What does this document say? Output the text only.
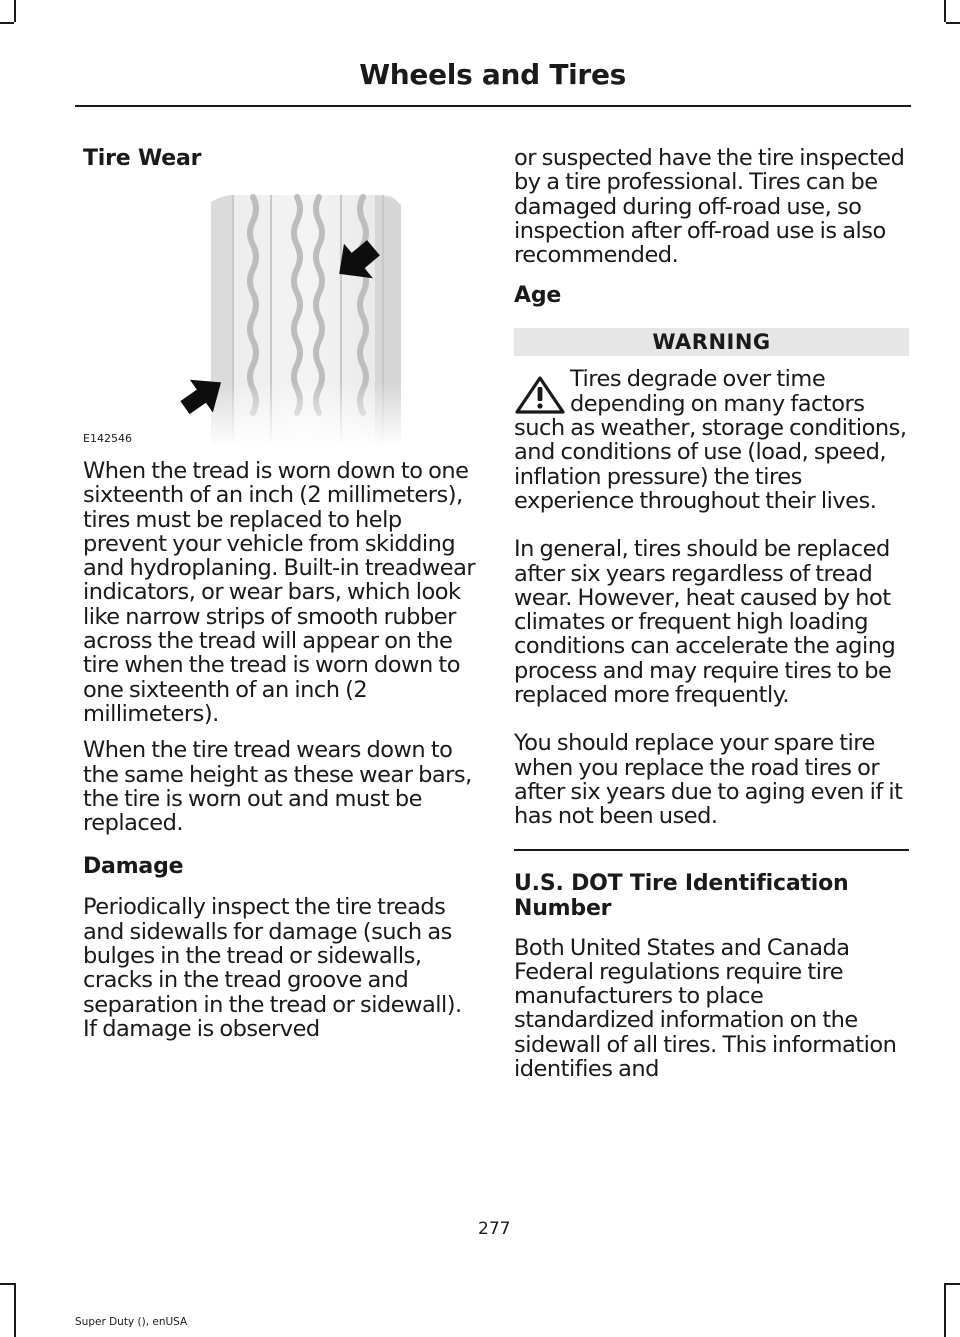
Wheels and Tires
Tire Wear
E142546

When the tread is worn down to one sixteenth of an inch (2 millimeters), tires must be replaced to help prevent your vehicle from skidding and hydroplaning. Built-in treadwear indicators, or wear bars, which look like narrow strips of smooth rubber across the tread will appear on the tire when the tread is worn down to one sixteenth of an inch (2 millimeters).

When the tire tread wears down to the same height as these wear bars, the tire is worn out and must be replaced.

Damage

Periodically inspect the tire treads and sidewalls for damage (such as bulges in the tread or sidewalls, cracks in the tread groove and separation in the tread or sidewall). If damage is observed

or suspected have the tire inspected by a tire professional. Tires can be damaged during off-road use, so inspection after off-road use is also recommended.

Age
WARNING

Tires degrade over time depending on many factors such as weather, storage conditions, and conditions of use (load, speed, inflation pressure) the tires experience throughout their lives.

In general, tires should be replaced after six years regardless of tread wear. However, heat caused by hot climates or frequent high loading conditions can accelerate the aging process and may require tires to be replaced more frequently.

You should replace your spare tire when you replace the road tires or after six years due to aging even if it has not been used.

U.S. DOT Tire Identification Number

Both United States and Canada Federal regulations require tire manufacturers to place standardized information on the sidewall of all tires. This information identifies and

277
Super Duty (), enUSA
